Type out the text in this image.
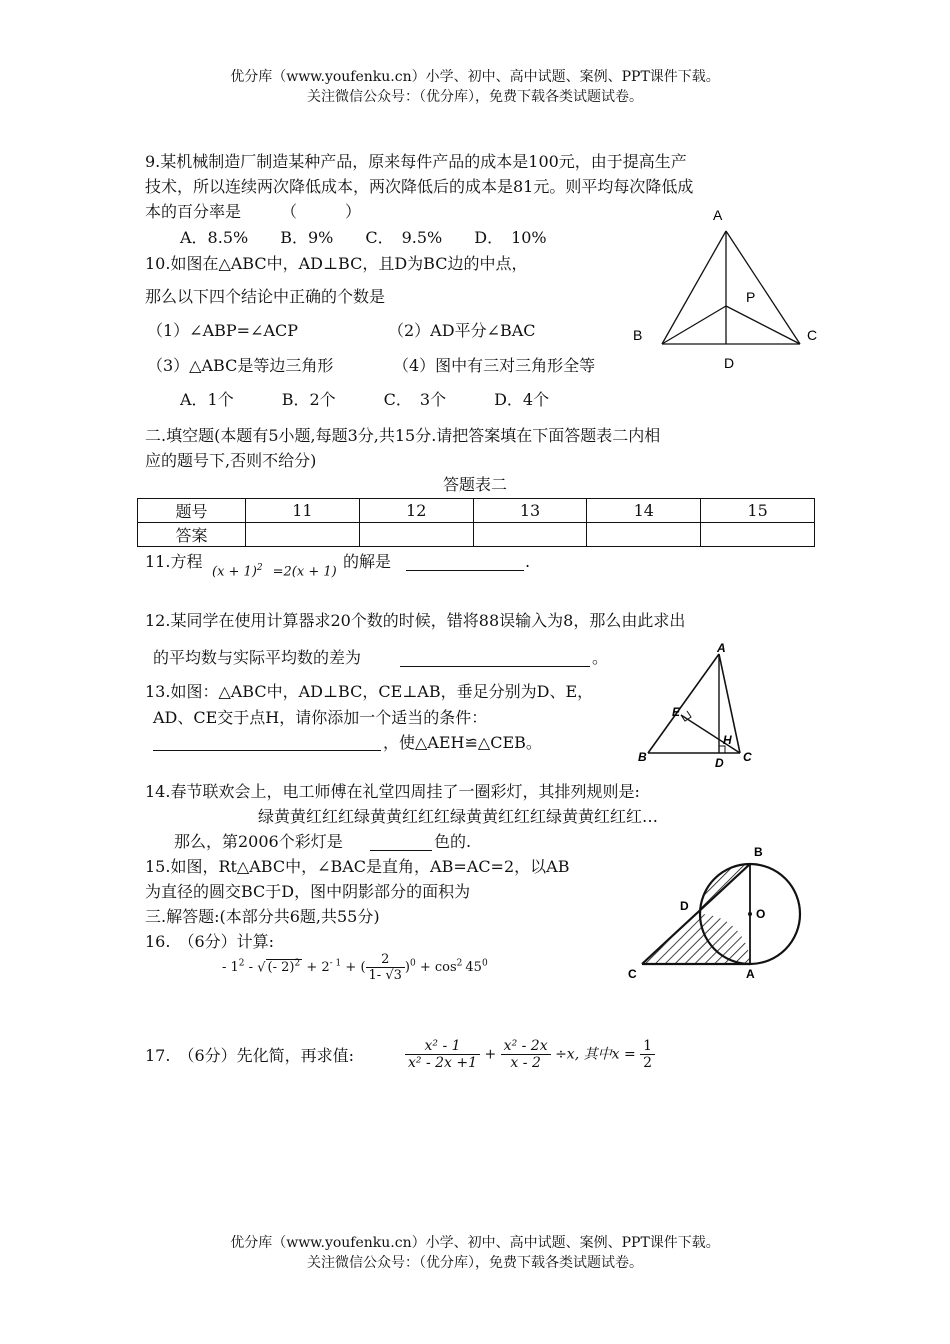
优分库（www.youfenku.cn）小学、初中、高中试题、案例、PPT课件下载。
关注微信公众号：（优分库），免费下载各类试题试卷。
9.某机械制造厂制造某种产品，原来每件产品的成本是100元，由于提高生产
技术，所以连续两次降低成本，两次降低后的成本是81元。则平均每次降低成
本的百分率是　　　（　　　）
A．8.5%　　B．9%　　C．　9.5%　　D．　10%
10.如图在△ABC中，AD⊥BC，且D为BC边的中点，
那么以下四个结论中正确的个数是
（1）∠ABP=∠ACP	（2）AD平分∠BAC
（3）△ABC是等边三角形	（4）图中有三对三角形全等
A．1个　　　B．2个　　　C．　3个　　　D．4个
A
B	C
D
P
二.填空题(本题有5小题,每题3分,共15分.请把答案填在下面答题表二内相
应的题号下,否则不给分)
答题表二
题号	11	12	13	14	15
答案					
11.方程
$(x + 1)^2 =2(x + 1)$
的解是	.
12.某同学在使用计算器求20个数的时候，错将88误输入为8，那么由此求出
的平均数与实际平均数的差为	。
13.如图：△ABC中，AD⊥BC，CE⊥AB，垂足分别为D、E，
AD、CE交于点H，请你添加一个适当的条件：
，使△AEH≌△CEB。
A
B	C
D
E
H
14.春节联欢会上，电工师傅在礼堂四周挂了一圈彩灯，其排列规则是:
绿黄黄红红红绿黄黄红红红绿黄黄红红红绿黄黄红红红…
那么，第2006个彩灯是	色的.
15.如图，Rt△ABC中，∠BAC是直角，AB=AC=2，以AB
为直径的圆交BC于D，图中阴影部分的面积为
B
C	A
D
O
三.解答题:(本部分共6题,共55分)
16.　（6分）计算:
- $1^2$ - √ (- $2)^2 + 2^{- 1}$ + ( $\frac{2}{1- √3} )^0 + \cos^2 45^0$
17.　（6分）先化简，再求值:	$\frac{\text{x² - 1}}{\text{x² - 2x +1}} + \frac{\text{x² - 2x}}{x - 2} \div x$, 其中$x = \frac{1}{2}$
优分库（www.youfenku.cn）小学、初中、高中试题、案例、PPT课件下载。
关注微信公众号：（优分库），免费下载各类试题试卷。
